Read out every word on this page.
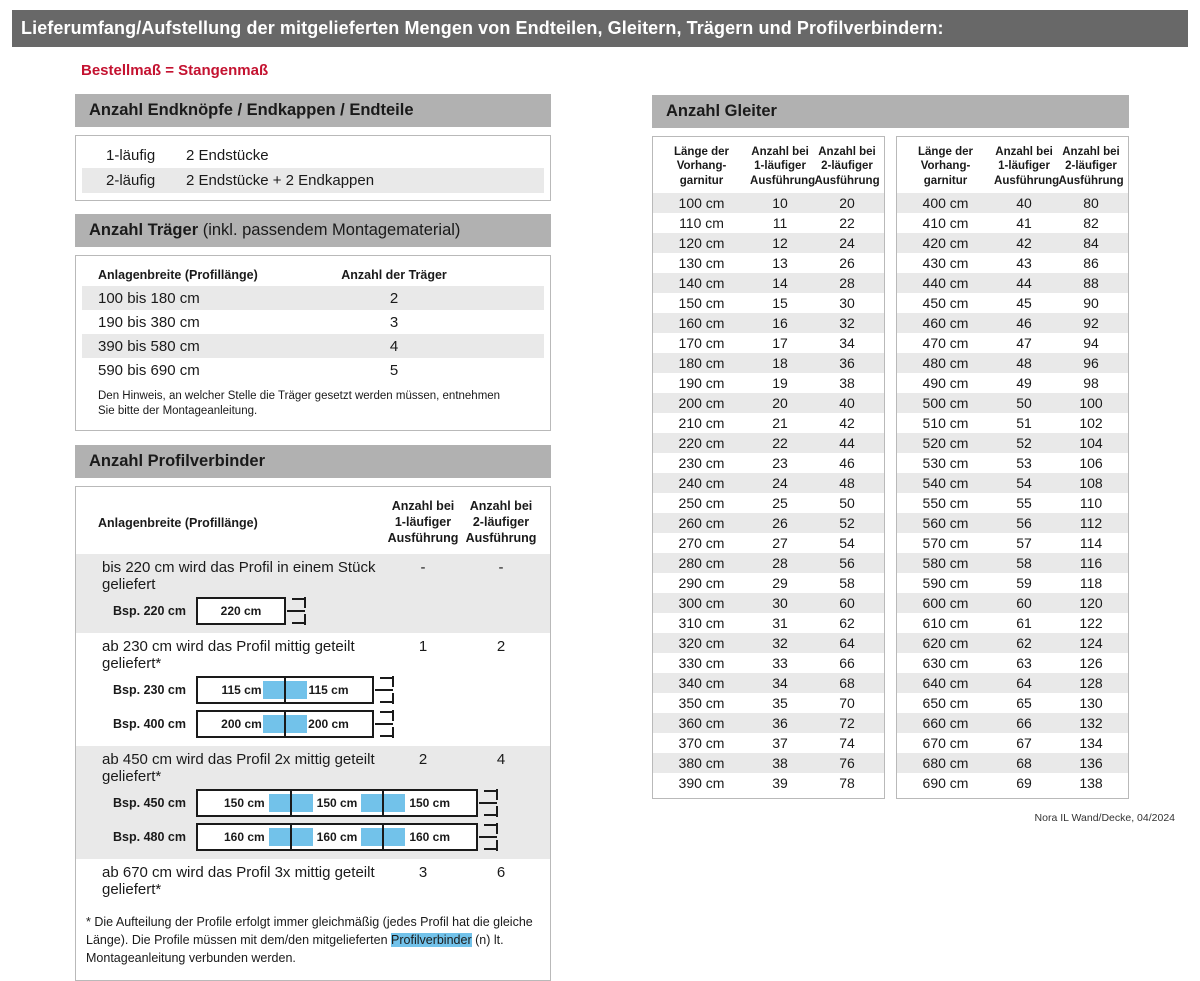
Lieferumfang/Aufstellung der mitgelieferten Mengen von Endteilen, Gleitern, Trägern und Profilverbindern:
Bestellmaß = Stangenmaß
Anzahl Endknöpfe / Endkappen / Endteile
1-läufig	2 Endstücke
2-läufig	2 Endstücke + 2 Endkappen
Anzahl Träger (inkl. passendem Montagematerial)
Anlagenbreite (Profillänge)	Anzahl der Träger
100 bis 180 cm	2
190 bis 380 cm	3
390 bis 580 cm	4
590 bis 690 cm	5
Den Hinweis, an welcher Stelle die Träger gesetzt werden müssen, entnehmen Sie bitte der Montageanleitung.
Anzahl Profilverbinder
Anlagenbreite (Profillänge)
Anzahl bei
1-läufiger
Ausführung
Anzahl bei
2-läufiger
Ausführung
bis 220 cm wird das Profil in einem Stück geliefert
-	-
Bsp. 220 cm	220 cm
ab 230 cm wird das Profil mittig geteilt geliefert*
1	2
Bsp. 230 cm	115 cm	115 cm
Bsp. 400 cm	200 cm	200 cm
ab 450 cm wird das Profil 2x mittig geteilt geliefert*
2	4
Bsp. 450 cm	150 cm	150 cm	150 cm
Bsp. 480 cm	160 cm	160 cm	160 cm
ab 670 cm wird das Profil 3x mittig geteilt geliefert*
3	6
* Die Aufteilung der Profile erfolgt immer gleichmäßig (jedes Profil hat die gleiche Länge). Die Profile müssen mit dem/den mitgelieferten Profilverbinder (n) lt. Montageanleitung verbunden werden.
Anzahl Gleiter
Länge der
Vorhang-
garnitur
Anzahl bei
1-läufiger
Ausführung
Anzahl bei
2-läufiger
Ausführung
100 cm	10	20
110 cm	11	22
120 cm	12	24
130 cm	13	26
140 cm	14	28
150 cm	15	30
160 cm	16	32
170 cm	17	34
180 cm	18	36
190 cm	19	38
200 cm	20	40
210 cm	21	42
220 cm	22	44
230 cm	23	46
240 cm	24	48
250 cm	25	50
260 cm	26	52
270 cm	27	54
280 cm	28	56
290 cm	29	58
300 cm	30	60
310 cm	31	62
320 cm	32	64
330 cm	33	66
340 cm	34	68
350 cm	35	70
360 cm	36	72
370 cm	37	74
380 cm	38	76
390 cm	39	78
Länge der
Vorhang-
garnitur
Anzahl bei
1-läufiger
Ausführung
Anzahl bei
2-läufiger
Ausführung
400 cm	40	80
410 cm	41	82
420 cm	42	84
430 cm	43	86
440 cm	44	88
450 cm	45	90
460 cm	46	92
470 cm	47	94
480 cm	48	96
490 cm	49	98
500 cm	50	100
510 cm	51	102
520 cm	52	104
530 cm	53	106
540 cm	54	108
550 cm	55	110
560 cm	56	112
570 cm	57	114
580 cm	58	116
590 cm	59	118
600 cm	60	120
610 cm	61	122
620 cm	62	124
630 cm	63	126
640 cm	64	128
650 cm	65	130
660 cm	66	132
670 cm	67	134
680 cm	68	136
690 cm	69	138
Nora IL Wand/Decke, 04/2024
